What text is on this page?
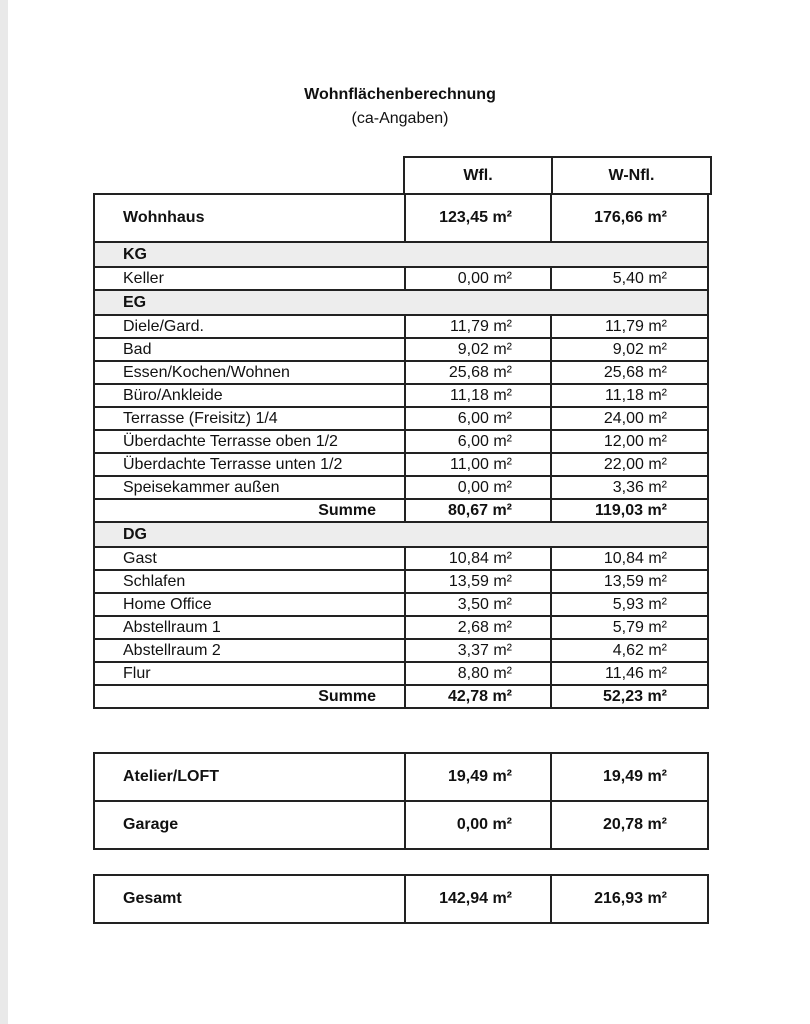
Wohnflächenberechnung
(ca-Angaben)
	Wfl.	W-Nfl.
Wohnhaus	123,45 m²	176,66 m²
KG		
Keller	0,00 m²	5,40 m²
EG		
Diele/Gard.	11,79 m²	11,79 m²
Bad	9,02 m²	9,02 m²
Essen/Kochen/Wohnen	25,68 m²	25,68 m²
Büro/Ankleide	11,18 m²	11,18 m²
Terrasse (Freisitz) 1/4	6,00 m²	24,00 m²
Überdachte Terrasse oben 1/2	6,00 m²	12,00 m²
Überdachte Terrasse unten 1/2	11,00 m²	22,00 m²
Speisekammer außen	0,00 m²	3,36 m²
Summe	80,67 m²	119,03 m²
DG		
Gast	10,84 m²	10,84 m²
Schlafen	13,59 m²	13,59 m²
Home Office	3,50 m²	5,93 m²
Abstellraum 1	2,68 m²	5,79 m²
Abstellraum 2	3,37 m²	4,62 m²
Flur	8,80 m²	11,46 m²
Summe	42,78 m²	52,23 m²
Atelier/LOFT	19,49 m²	19,49 m²
Garage	0,00 m²	20,78 m²
Gesamt	142,94 m²	216,93 m²
